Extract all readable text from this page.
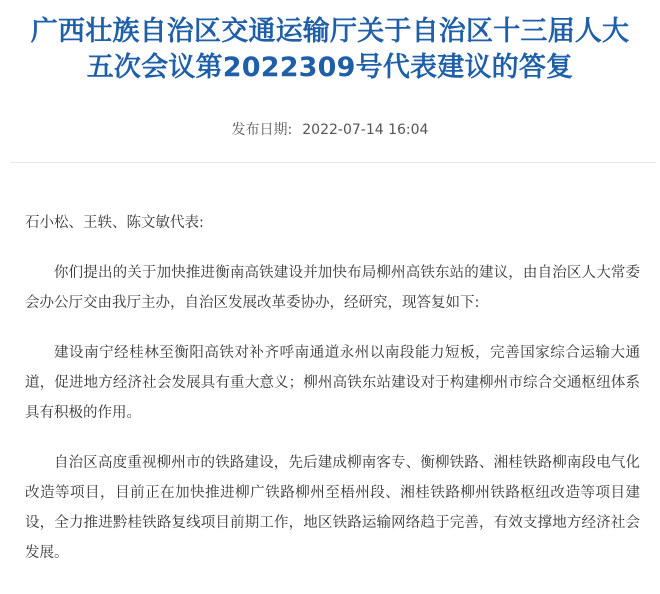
广西壮族自治区交通运输厅关于自治区十三届人大
五次会议第2022309号代表建议的答复
发布日期: 2022-07-14 16:04

石小松、王轶、陈文敏代表:

你们提出的关于加快推进衡南高铁建设并加快布局柳州高铁东站的建议，由自治区人大常委会办公厅交由我厅主办，自治区发展改革委协办，经研究，现答复如下:

建设南宁经桂林至衡阳高铁对补齐呼南通道永州以南段能力短板，完善国家综合运输大通道，促进地方经济社会发展具有重大意义；柳州高铁东站建设对于构建柳州市综合交通枢纽体系具有积极的作用。

自治区高度重视柳州市的铁路建设，先后建成柳南客专、衡柳铁路、湘桂铁路柳南段电气化改造等项目，目前正在加快推进柳广铁路柳州至梧州段、湘桂铁路柳州铁路枢纽改造等项目建设，全力推进黔桂铁路复线项目前期工作，地区铁路运输网络趋于完善，有效支撑地方经济社会发展。
